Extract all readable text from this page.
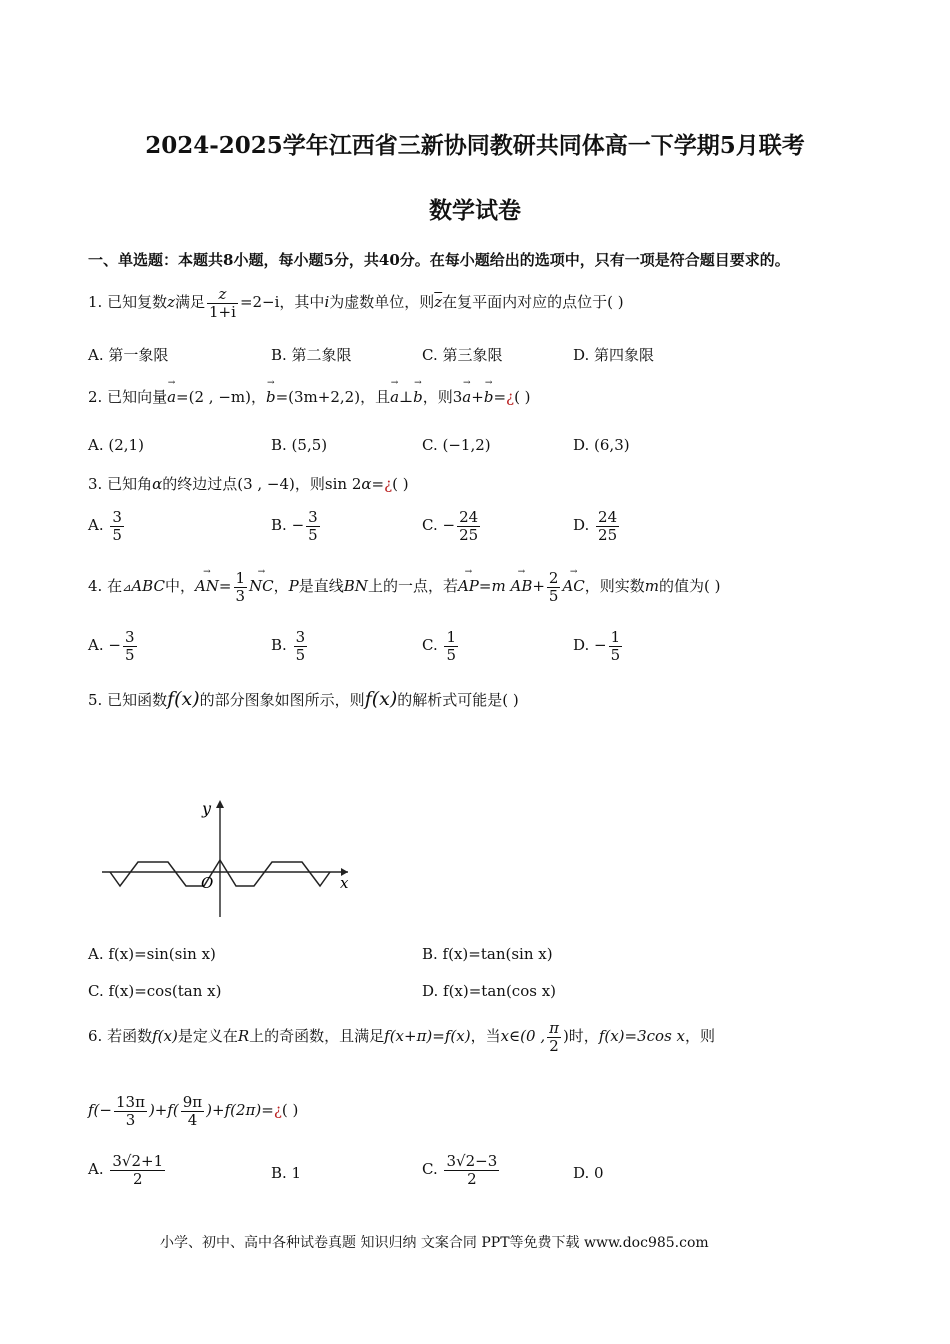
2024-2025学年江西省三新协同教研共同体高一下学期5月联考
数学试卷
一、单选题：本题共8小题，每小题5分，共40分。在每小题给出的选项中，只有一项是符合题目要求的。
1. 已知复数z满足 $\frac{z}{1+i} =2-i$，其中i为虚数单位，则$\overline{z}$在复平面内对应的点位于( )
A. 第一象限	B. 第二象限	C. 第三象限	D. 第四象限
2. 已知向量→ a=(2 , −m)，→ b=(3m+2,2)，且→ a⊥→ b，则3→ a+→ b=¿( )
A. (2,1)	B. (5,5)	C. (−1,2)	D. (6,3)
3. 已知角α的终边过点(3 , −4)，则sin 2α=¿( )
A. $\frac{3}{5}$	B. − $\frac{3}{5}$	C. − $\frac{24}{25}$	D. $\frac{24}{25}$
4. 在⊿ABC中，→ $AN= \frac{1}{3}$ → NC，P是直线BN上的一点，若→ $AP=m \to AB+ \frac{2}{5}$ → AC，则实数m的值为( )
A. − $\frac{3}{5}$	B. $\frac{3}{5}$	C. $\frac{1}{5}$	D. − $\frac{1}{5}$
5. 已知函数f(x)的部分图象如图所示，则f(x)的解析式可能是( )
y
x
O
A. f(x)=sin(sin x)	B. f(x)=tan(sin x)
C. f(x)=cos(tan x)	D. f(x)=tan(cos x)
6. 若函数f(x)是定义在R上的奇函数，且满足f(x+π)=f(x)，当x∈(0 , $\frac{\pi}{2}$ )时，f(x)=3cos x，则
$f(- \frac{13\pi}{3} )+f( \frac{9\pi}{4}$ )+f(2π)=¿( )
A. $\frac{3√2+1}{2}$	B. 1	C. $\frac{3√2-3}{2}$	D. 0
小学、初中、高中各种试卷真题 知识归纳 文案合同 PPT等免费下载 www.doc985.com
